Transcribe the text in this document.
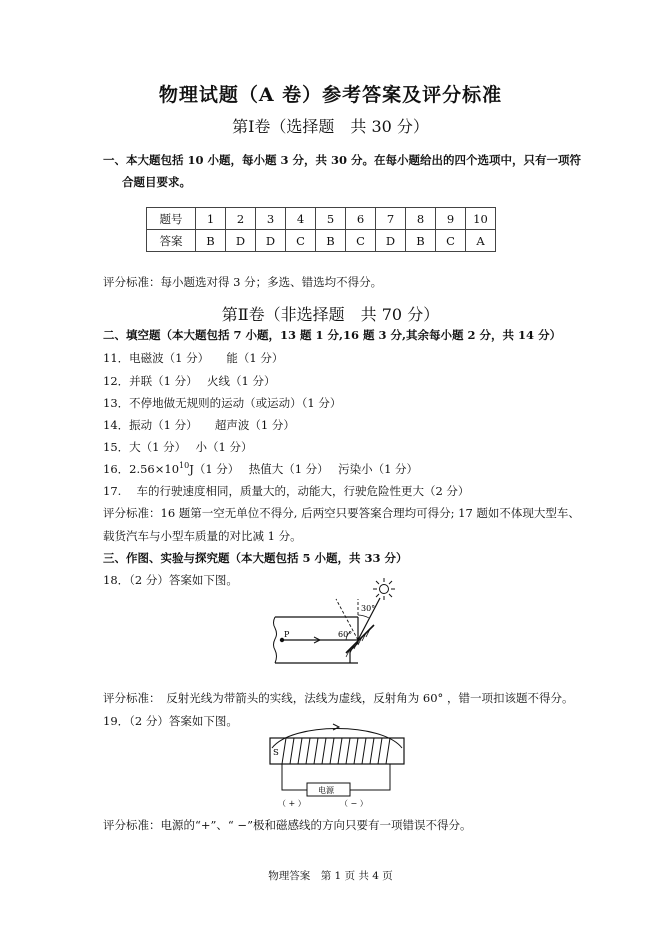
物理试题（A 卷）参考答案及评分标准
第Ⅰ卷（选择题　共 30 分）
一、本大题包括 10 小题，每小题 3 分，共 30 分。在每小题给出的四个选项中，只有一项符
合题目要求。
题号	1	2	3	4	5	6	7	8	9	10
答案	B	D	D	C	B	C	D	B	C	A
评分标准：每小题选对得 3 分；多选、错选均不得分。
第Ⅱ卷（非选择题　共 70 分）
二、填空题（本大题包括 7 小题，13 题 1 分,16 题 3 分,其余每小题 2 分，共 14 分）
11．电磁波（1 分）　　能（1 分）
12．并联（1 分）　 火线（1 分）
13．不停地做无规则的运动（或运动）（1 分）
14．振动（1 分）　　超声波（1 分）
15．大（1 分）　 小（1 分）
16．$2.56\times 10^{10}J(1$ 分）　 热值大（1 分）　 污染小（1 分）
17.　 车的行驶速度相同，质量大的，动能大，行驶危险性更大（2 分）
评分标准：16 题第一空无单位不得分, 后两空只要答案合理均可得分; 17 题如不体现大型车、
载货汽车与小型车质量的对比减 1 分。
三、作图、实验与探究题（本大题包括 5 小题，共 33 分）
18．（2 分）答案如下图。
P	60°
30°
评分标准：　反射光线为带箭头的实线，法线为虚线，反射角为 60° ，错一项扣该题不得分。
19．（2 分）答案如下图。
S
电源
（ + ）	（ − ）
评分标准：电源的“+”、“ −”极和磁感线的方向只要有一项错误不得分。
物理答案　第 1 页 共 4 页
